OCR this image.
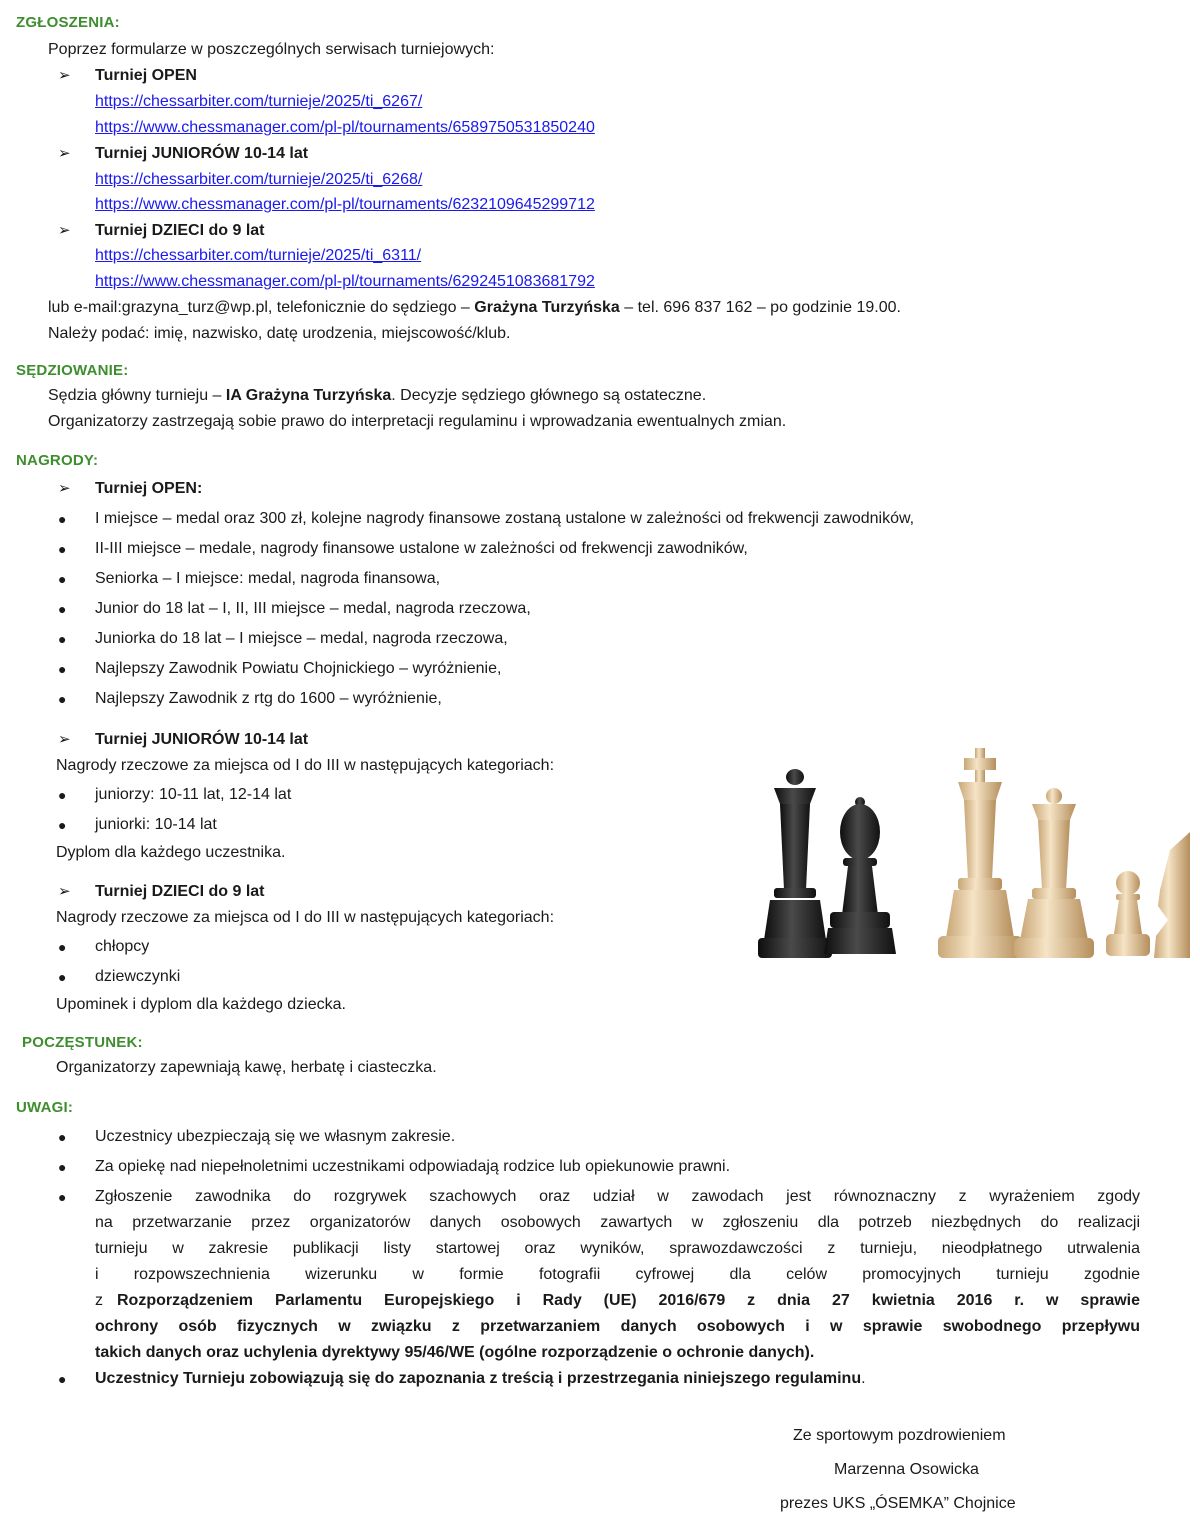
ZGŁOSZENIA:
Poprzez formularze w poszczególnych serwisach turniejowych:
➢ Turniej OPEN
https://chessarbiter.com/turnieje/2025/ti_6267/
https://www.chessmanager.com/pl-pl/tournaments/6589750531850240
➢ Turniej JUNIORÓW 10-14 lat
https://chessarbiter.com/turnieje/2025/ti_6268/
https://www.chessmanager.com/pl-pl/tournaments/6232109645299712
➢ Turniej DZIECI do 9 lat
https://chessarbiter.com/turnieje/2025/ti_6311/
https://www.chessmanager.com/pl-pl/tournaments/6292451083681792
lub e-mail:grazyna_turz@wp.pl, telefonicznie do sędziego – Grażyna Turzyńska – tel. 696 837 162 – po godzinie 19.00.
Należy podać: imię, nazwisko, datę urodzenia, miejscowość/klub.
SĘDZIOWANIE:
Sędzia główny turnieju – IA Grażyna Turzyńska. Decyzje sędziego głównego są ostateczne.
Organizatorzy zastrzegają sobie prawo do interpretacji regulaminu i wprowadzania ewentualnych zmian.
NAGRODY:
➢ Turniej OPEN:
● I miejsce – medal oraz 300 zł, kolejne nagrody finansowe zostaną ustalone w zależności od frekwencji zawodników,
● II-III miejsce – medale, nagrody finansowe ustalone w zależności od frekwencji zawodników,
● Seniorka – I miejsce: medal, nagroda finansowa,
● Junior do 18 lat – I, II, III miejsce – medal, nagroda rzeczowa,
● Juniorka do 18 lat – I miejsce – medal, nagroda rzeczowa,
● Najlepszy Zawodnik Powiatu Chojnickiego – wyróżnienie,
● Najlepszy Zawodnik z rtg do 1600 – wyróżnienie,
➢ Turniej JUNIORÓW 10-14 lat
Nagrody rzeczowe za miejsca od I do III w następujących kategoriach:
● juniorzy: 10-11 lat, 12-14 lat
● juniorki: 10-14 lat
Dyplom dla każdego uczestnika.
➢ Turniej DZIECI do 9 lat
Nagrody rzeczowe za miejsca od I do III w następujących kategoriach:
● chłopcy
● dziewczynki
Upominek i dyplom dla każdego dziecka.
POCZĘSTUNEK:
Organizatorzy zapewniają kawę, herbatę i ciasteczka.
UWAGI:
● Uczestnicy ubezpieczają się we własnym zakresie.
● Za opiekę nad niepełnoletnimi uczestnikami odpowiadają rodzice lub opiekunowie prawni.
● Zgłoszenie zawodnika do rozgrywek szachowych oraz udział w zawodach jest równoznaczny z wyrażeniem zgody
na przetwarzanie przez organizatorów danych osobowych zawartych w zgłoszeniu dla potrzeb niezbędnych do realizacji
turnieju w zakresie publikacji listy startowej oraz wyników, sprawozdawczości z turnieju, nieodpłatnego utrwalenia
i rozpowszechnienia wizerunku w formie fotografii cyfrowej dla celów promocyjnych turnieju zgodnie
z Rozporządzeniem Parlamentu Europejskiego i Rady (UE) 2016/679 z dnia 27 kwietnia 2016 r. w sprawie
ochrony osób fizycznych w związku z przetwarzaniem danych osobowych i w sprawie swobodnego przepływu
takich danych oraz uchylenia dyrektywy 95/46/WE (ogólne rozporządzenie o ochronie danych).
● Uczestnicy Turnieju zobowiązują się do zapoznania z treścią i przestrzegania niniejszego regulaminu.
Ze sportowym pozdrowieniem
Marzenna Osowicka
prezes UKS „ÓSEMKA” Chojnice
